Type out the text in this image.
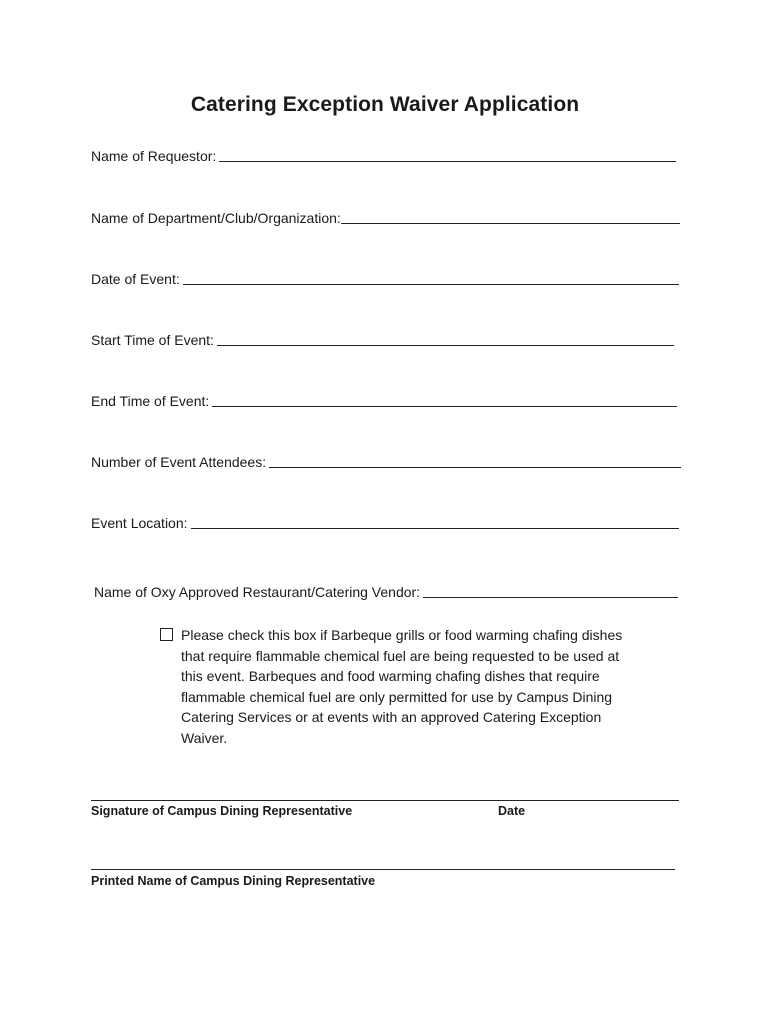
Catering Exception Waiver Application
Name of Requestor:
Name of Department/Club/Organization:
Date of Event:
Start Time of Event:
End Time of Event:
Number of Event Attendees:
Event Location:
Name of Oxy Approved Restaurant/Catering Vendor:
Please check this box if Barbeque grills or food warming chafing dishes
that require flammable chemical fuel are being requested to be used at
this event. Barbeques and food warming chafing dishes that require
flammable chemical fuel are only permitted for use by Campus Dining
Catering Services or at events with an approved Catering Exception
Waiver.
Signature of Campus Dining Representative	Date
Printed Name of Campus Dining Representative
